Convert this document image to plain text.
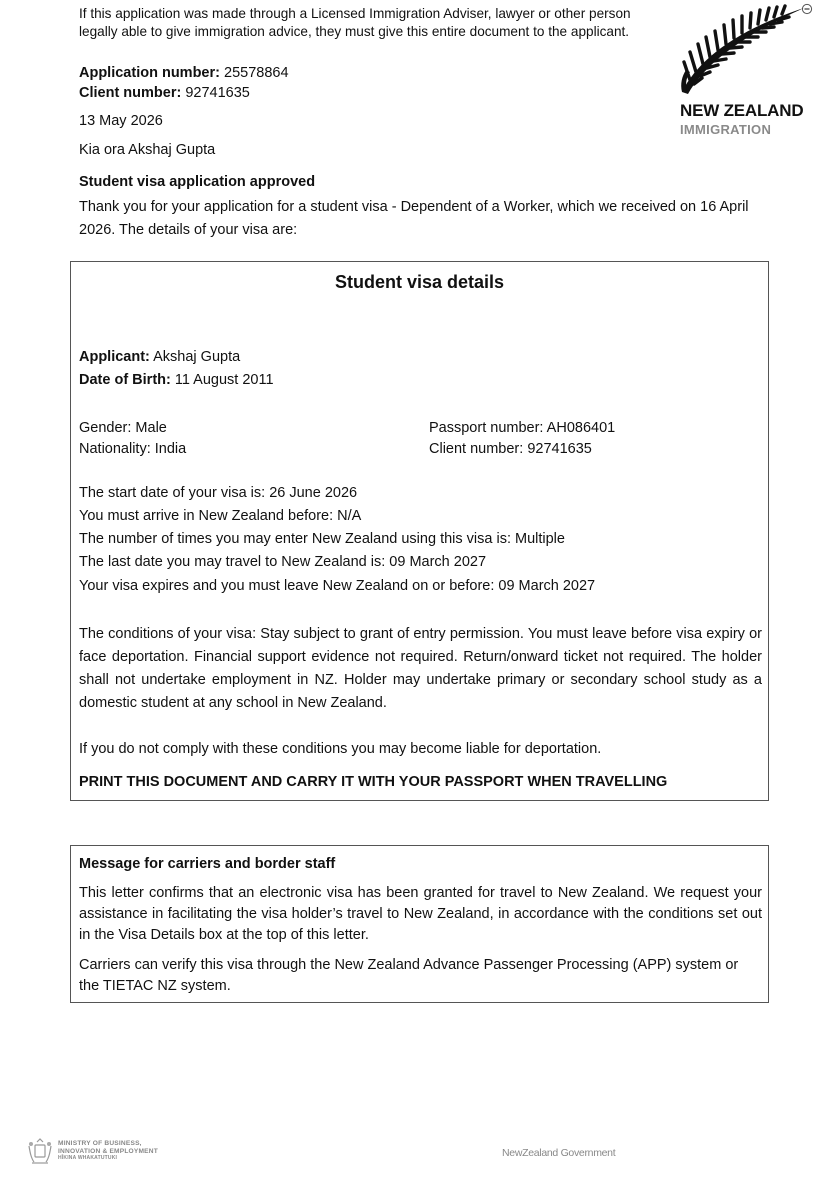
If this application was made through a Licensed Immigration Adviser, lawyer or other person
legally able to give immigration advice, they must give this entire document to the applicant.
Application number: 25578864
Client number: 92741635
13 May 2026
Kia ora Akshaj Gupta
NEW ZEALAND
IMMIGRATION
Student visa application approved
Thank you for your application for a student visa - Dependent of a Worker, which we received on 16 April 2026. The details of your visa are:
Student visa details
Applicant: Akshaj Gupta
Date of Birth: 11 August 2011
Gender: Male
Nationality: India
Passport number: AH086401
Client number: 92741635
The start date of your visa is: 26 June 2026
You must arrive in New Zealand before: N/A
The number of times you may enter New Zealand using this visa is: Multiple
The last date you may travel to New Zealand is: 09 March 2027
Your visa expires and you must leave New Zealand on or before: 09 March 2027
The conditions of your visa: Stay subject to grant of entry permission. You must leave before visa expiry or face deportation. Financial support evidence not required. Return/onward ticket not required. The holder shall not undertake employment in NZ. Holder may undertake primary or secondary school study as a domestic student at any school in New Zealand.
If you do not comply with these conditions you may become liable for deportation.
PRINT THIS DOCUMENT AND CARRY IT WITH YOUR PASSPORT WHEN TRAVELLING
Message for carriers and border staff
This letter confirms that an electronic visa has been granted for travel to New Zealand. We request your assistance in facilitating the visa holder’s travel to New Zealand, in accordance with the conditions set out in the Visa Details box at the top of this letter.
Carriers can verify this visa through the New Zealand Advance Passenger Processing (APP) system or the TIETAC NZ system.
MINISTRY OF BUSINESS,
INNOVATION & EMPLOYMENT
HĪKINA WHAKATUTUKI	NewZealand Government
